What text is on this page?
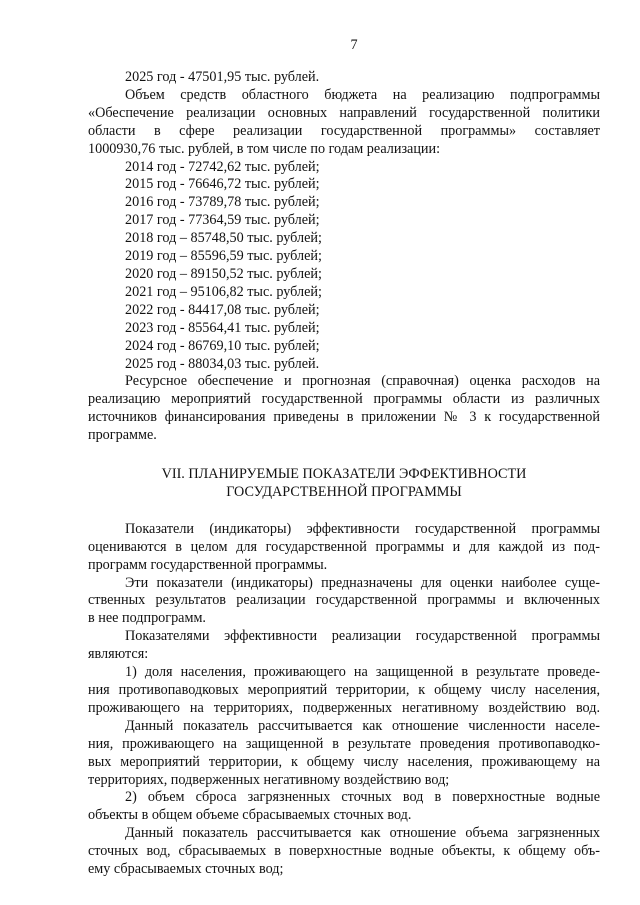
7
2025 год - 47501,95 тыс. рублей.
Объем средств областного бюджета на реализацию подпрограммы
«Обеспечение реализации основных направлений государственной политики
области в сфере реализации государственной программы» составляет
1000930,76 тыс. рублей, в том числе по годам реализации:
2014 год - 72742,62 тыс. рублей;
2015 год - 76646,72 тыс. рублей;
2016 год - 73789,78 тыс. рублей;
2017 год - 77364,59 тыс. рублей;
2018 год – 85748,50 тыс. рублей;
2019 год – 85596,59 тыс. рублей;
2020 год – 89150,52 тыс. рублей;
2021 год – 95106,82 тыс. рублей;
2022 год - 84417,08 тыс. рублей;
2023 год - 85564,41 тыс. рублей;
2024 год - 86769,10 тыс. рублей;
2025 год - 88034,03 тыс. рублей.
Ресурсное обеспечение и прогнозная (справочная) оценка расходов на
реализацию мероприятий государственной программы области из различных
источников финансирования приведены в приложении № 3 к государственной
программе.
VII. ПЛАНИРУЕМЫЕ ПОКАЗАТЕЛИ ЭФФЕКТИВНОСТИ
ГОСУДАРСТВЕННОЙ ПРОГРАММЫ
Показатели (индикаторы) эффективности государственной программы
оцениваются в целом для государственной программы и для каждой из под-
программ государственной программы.
Эти показатели (индикаторы) предназначены для оценки наиболее суще-
ственных результатов реализации государственной программы и включенных
в нее подпрограмм.
Показателями эффективности реализации государственной программы
являются:
1) доля населения, проживающего на защищенной в результате проведе-
ния противопаводковых мероприятий территории, к общему числу населения,
проживающего на территориях, подверженных негативному воздействию вод.
Данный показатель рассчитывается как отношение численности населе-
ния, проживающего на защищенной в результате проведения противопаводко-
вых мероприятий территории, к общему числу населения, проживающему на
территориях, подверженных негативному воздействию вод;
2) объем сброса загрязненных сточных вод в поверхностные водные
объекты в общем объеме сбрасываемых сточных вод.
Данный показатель рассчитывается как отношение объема загрязненных
сточных вод, сбрасываемых в поверхностные водные объекты, к общему объ-
ему сбрасываемых сточных вод;
